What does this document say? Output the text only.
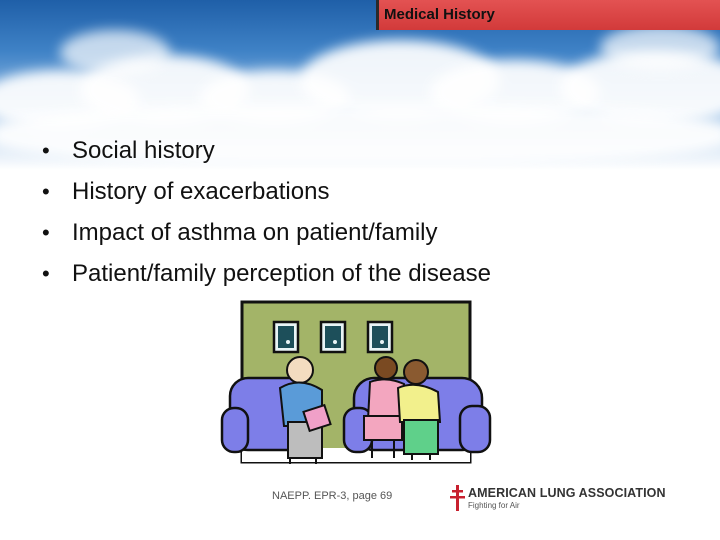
Medical History
• Social history
• History of exacerbations
• Impact of asthma on patient/family
• Patient/family perception of the disease
NAEPP. EPR-3, page 69	AMERICAN LUNG ASSOCIATION
Fighting for Air
